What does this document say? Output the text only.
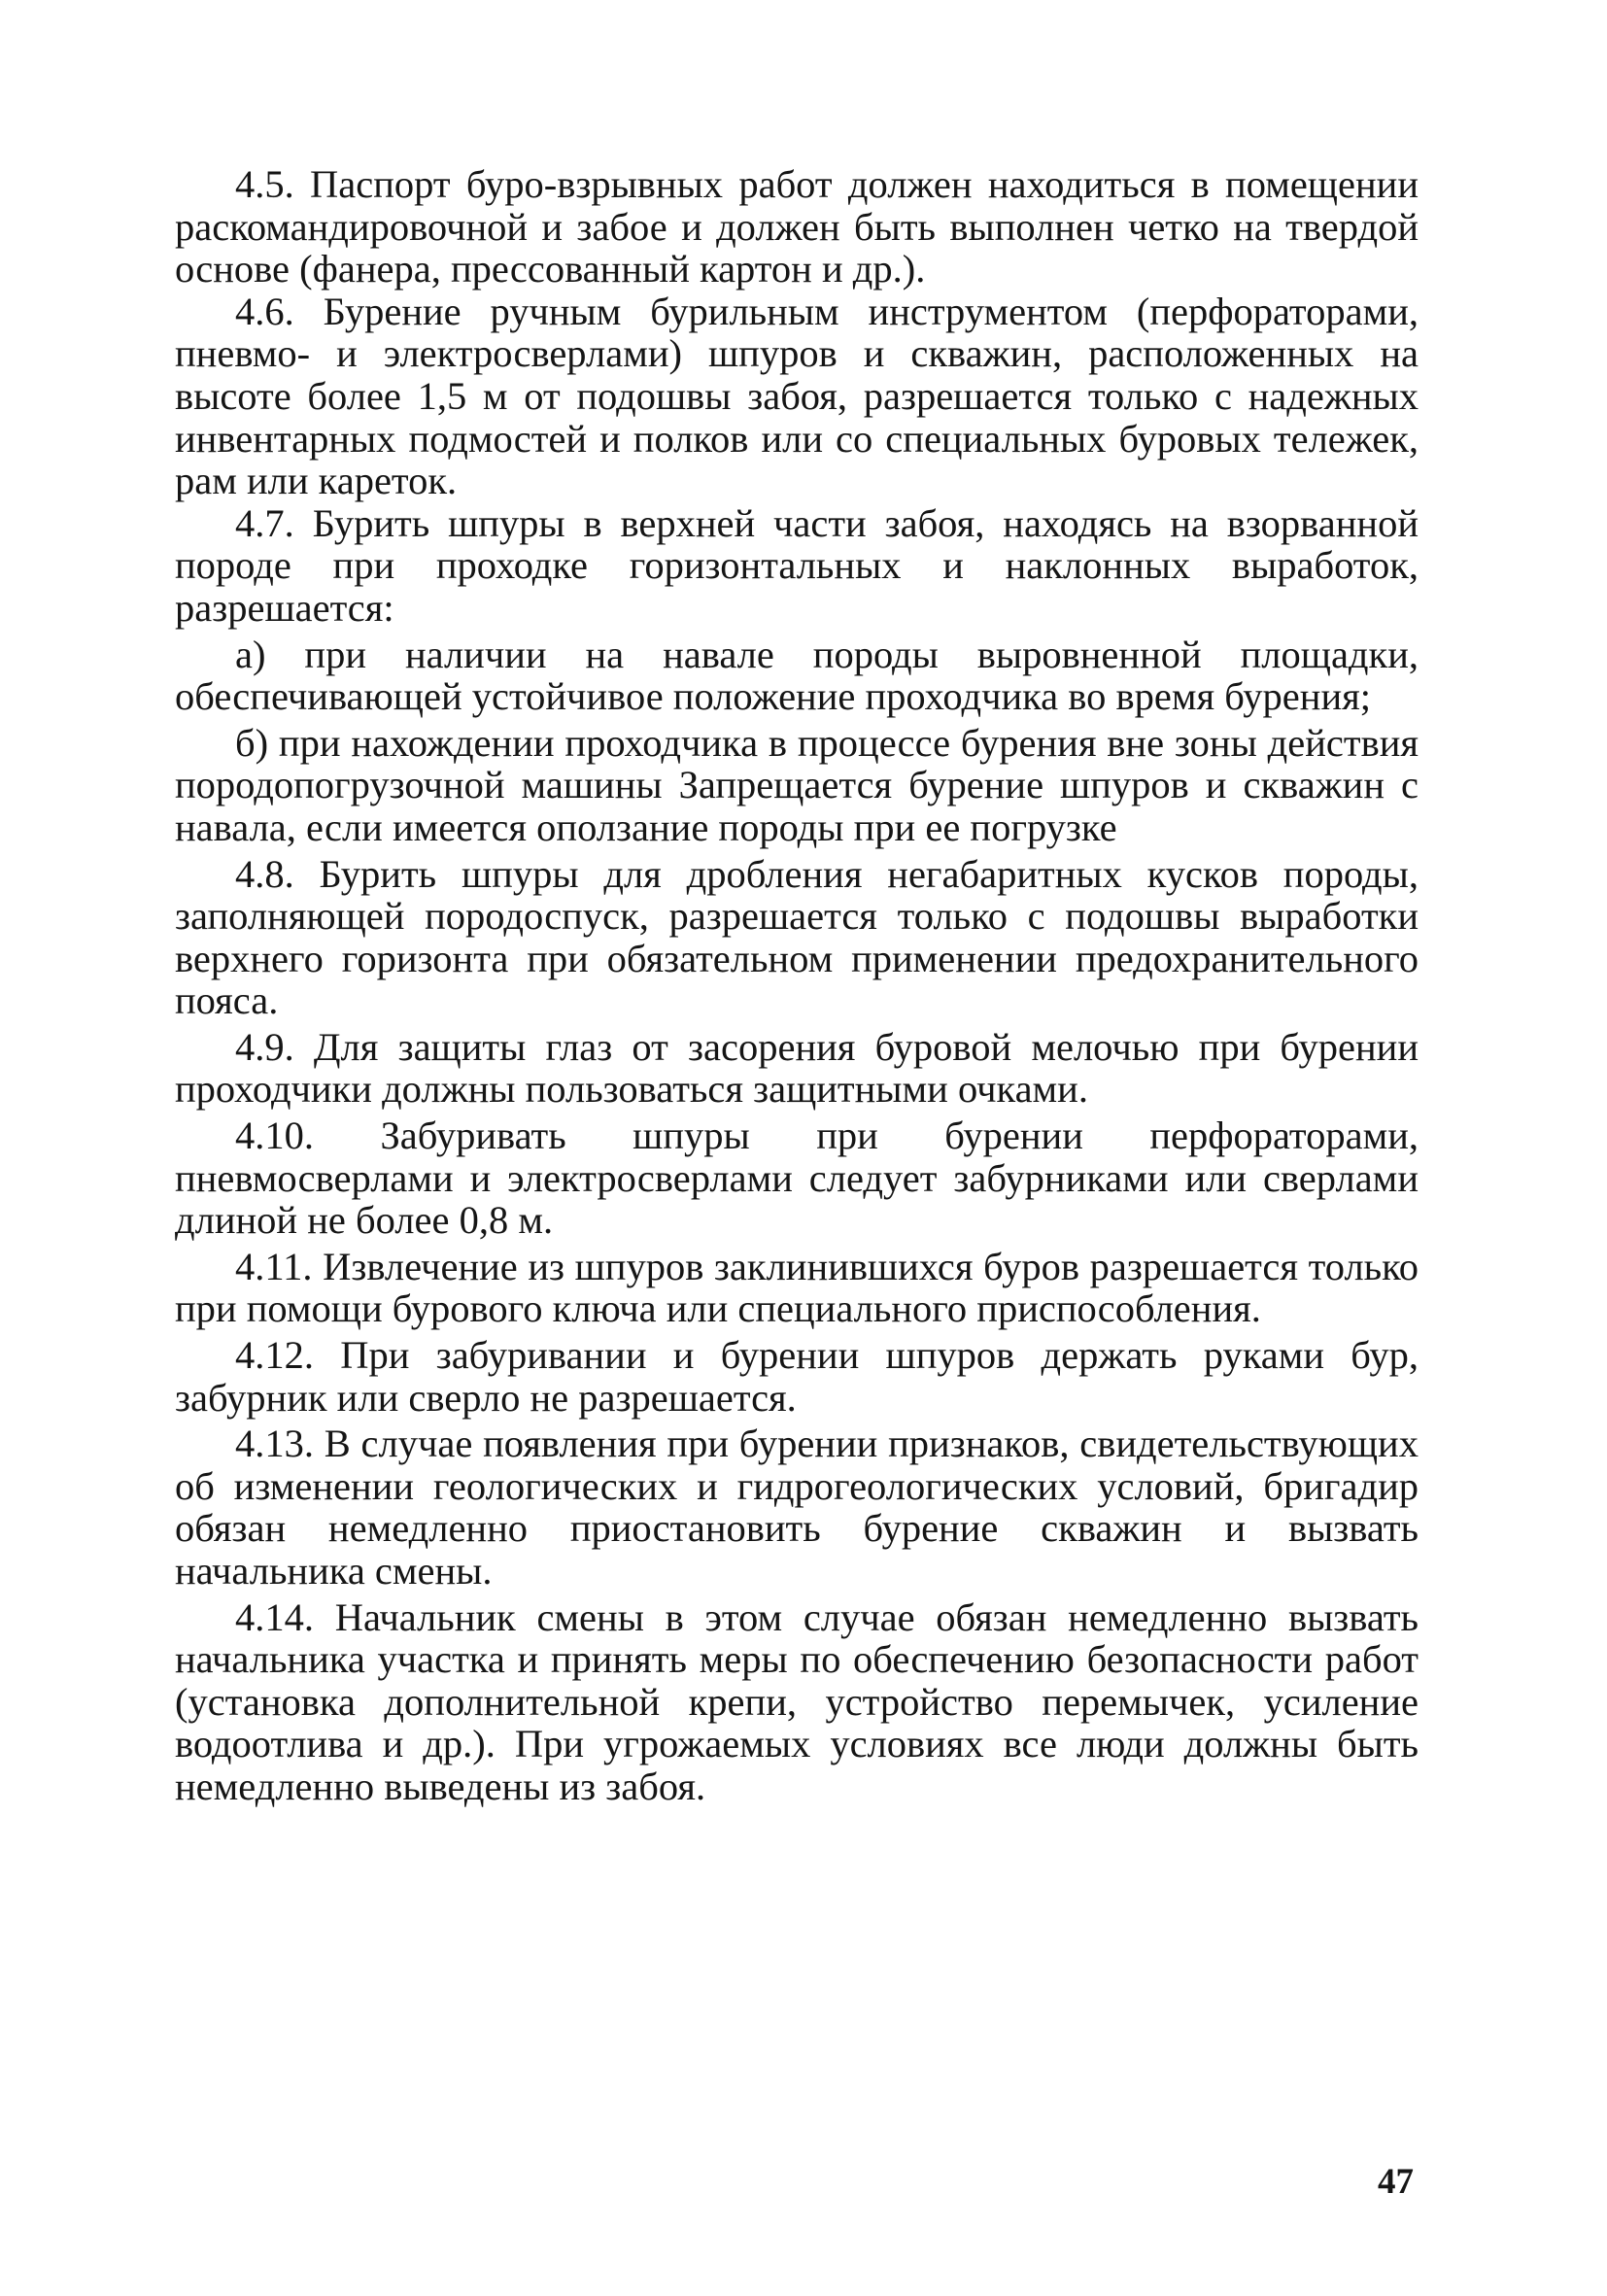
4.5. Паспорт буро-взрывных работ должен находиться в помещении раскомандировочной и забое и должен быть выполнен четко на твердой основе (фанера, прессованный картон и др.).

4.6. Бурение ручным бурильным инструментом (перфораторами, пневмо- и электросверлами) шпуров и скважин, расположенных на высоте более 1,5 м от подошвы забоя, разрешается только с надежных инвентарных подмостей и полков или со специальных буровых тележек, рам или кареток.

4.7. Бурить шпуры в верхней части забоя, находясь на взорванной породе при проходке горизонтальных и наклонных выработок, разрешается:

а) при наличии на навале породы выровненной площадки, обеспечивающей устойчивое положение проходчика во время бурения;

б) при нахождении проходчика в процессе бурения вне зоны действия породопогрузочной машины Запрещается бурение шпуров и скважин с навала, если имеется оползание породы при ее погрузке

4.8. Бурить шпуры для дробления негабаритных кусков породы, заполняющей породоспуск, разрешается только с подошвы выработки верхнего горизонта при обязательном применении предохранительного пояса.

4.9. Для защиты глаз от засорения буровой мелочью при бурении проходчики должны пользоваться защитными очками.

4.10. Забуривать шпуры при бурении перфораторами, пневмосверлами и электросверлами следует забурниками или сверлами длиной не более 0,8 м.

4.11. Извлечение из шпуров заклинившихся буров разрешается только при помощи бурового ключа или специального приспособления.

4.12. При забуривании и бурении шпуров держать руками бур, забурник или сверло не разрешается.

4.13. В случае появления при бурении признаков, свидетельствующих об изменении геологических и гидрогеологических условий, бригадир обязан немедленно приостановить бурение скважин и вызвать начальника смены.

4.14. Начальник смены в этом случае обязан немедленно вызвать начальника участка и принять меры по обеспечению безопасности работ (установка дополнительной крепи, устройство перемычек, усиление водоотлива и др.). При угрожаемых условиях все люди должны быть немедленно выведены из забоя.

47
